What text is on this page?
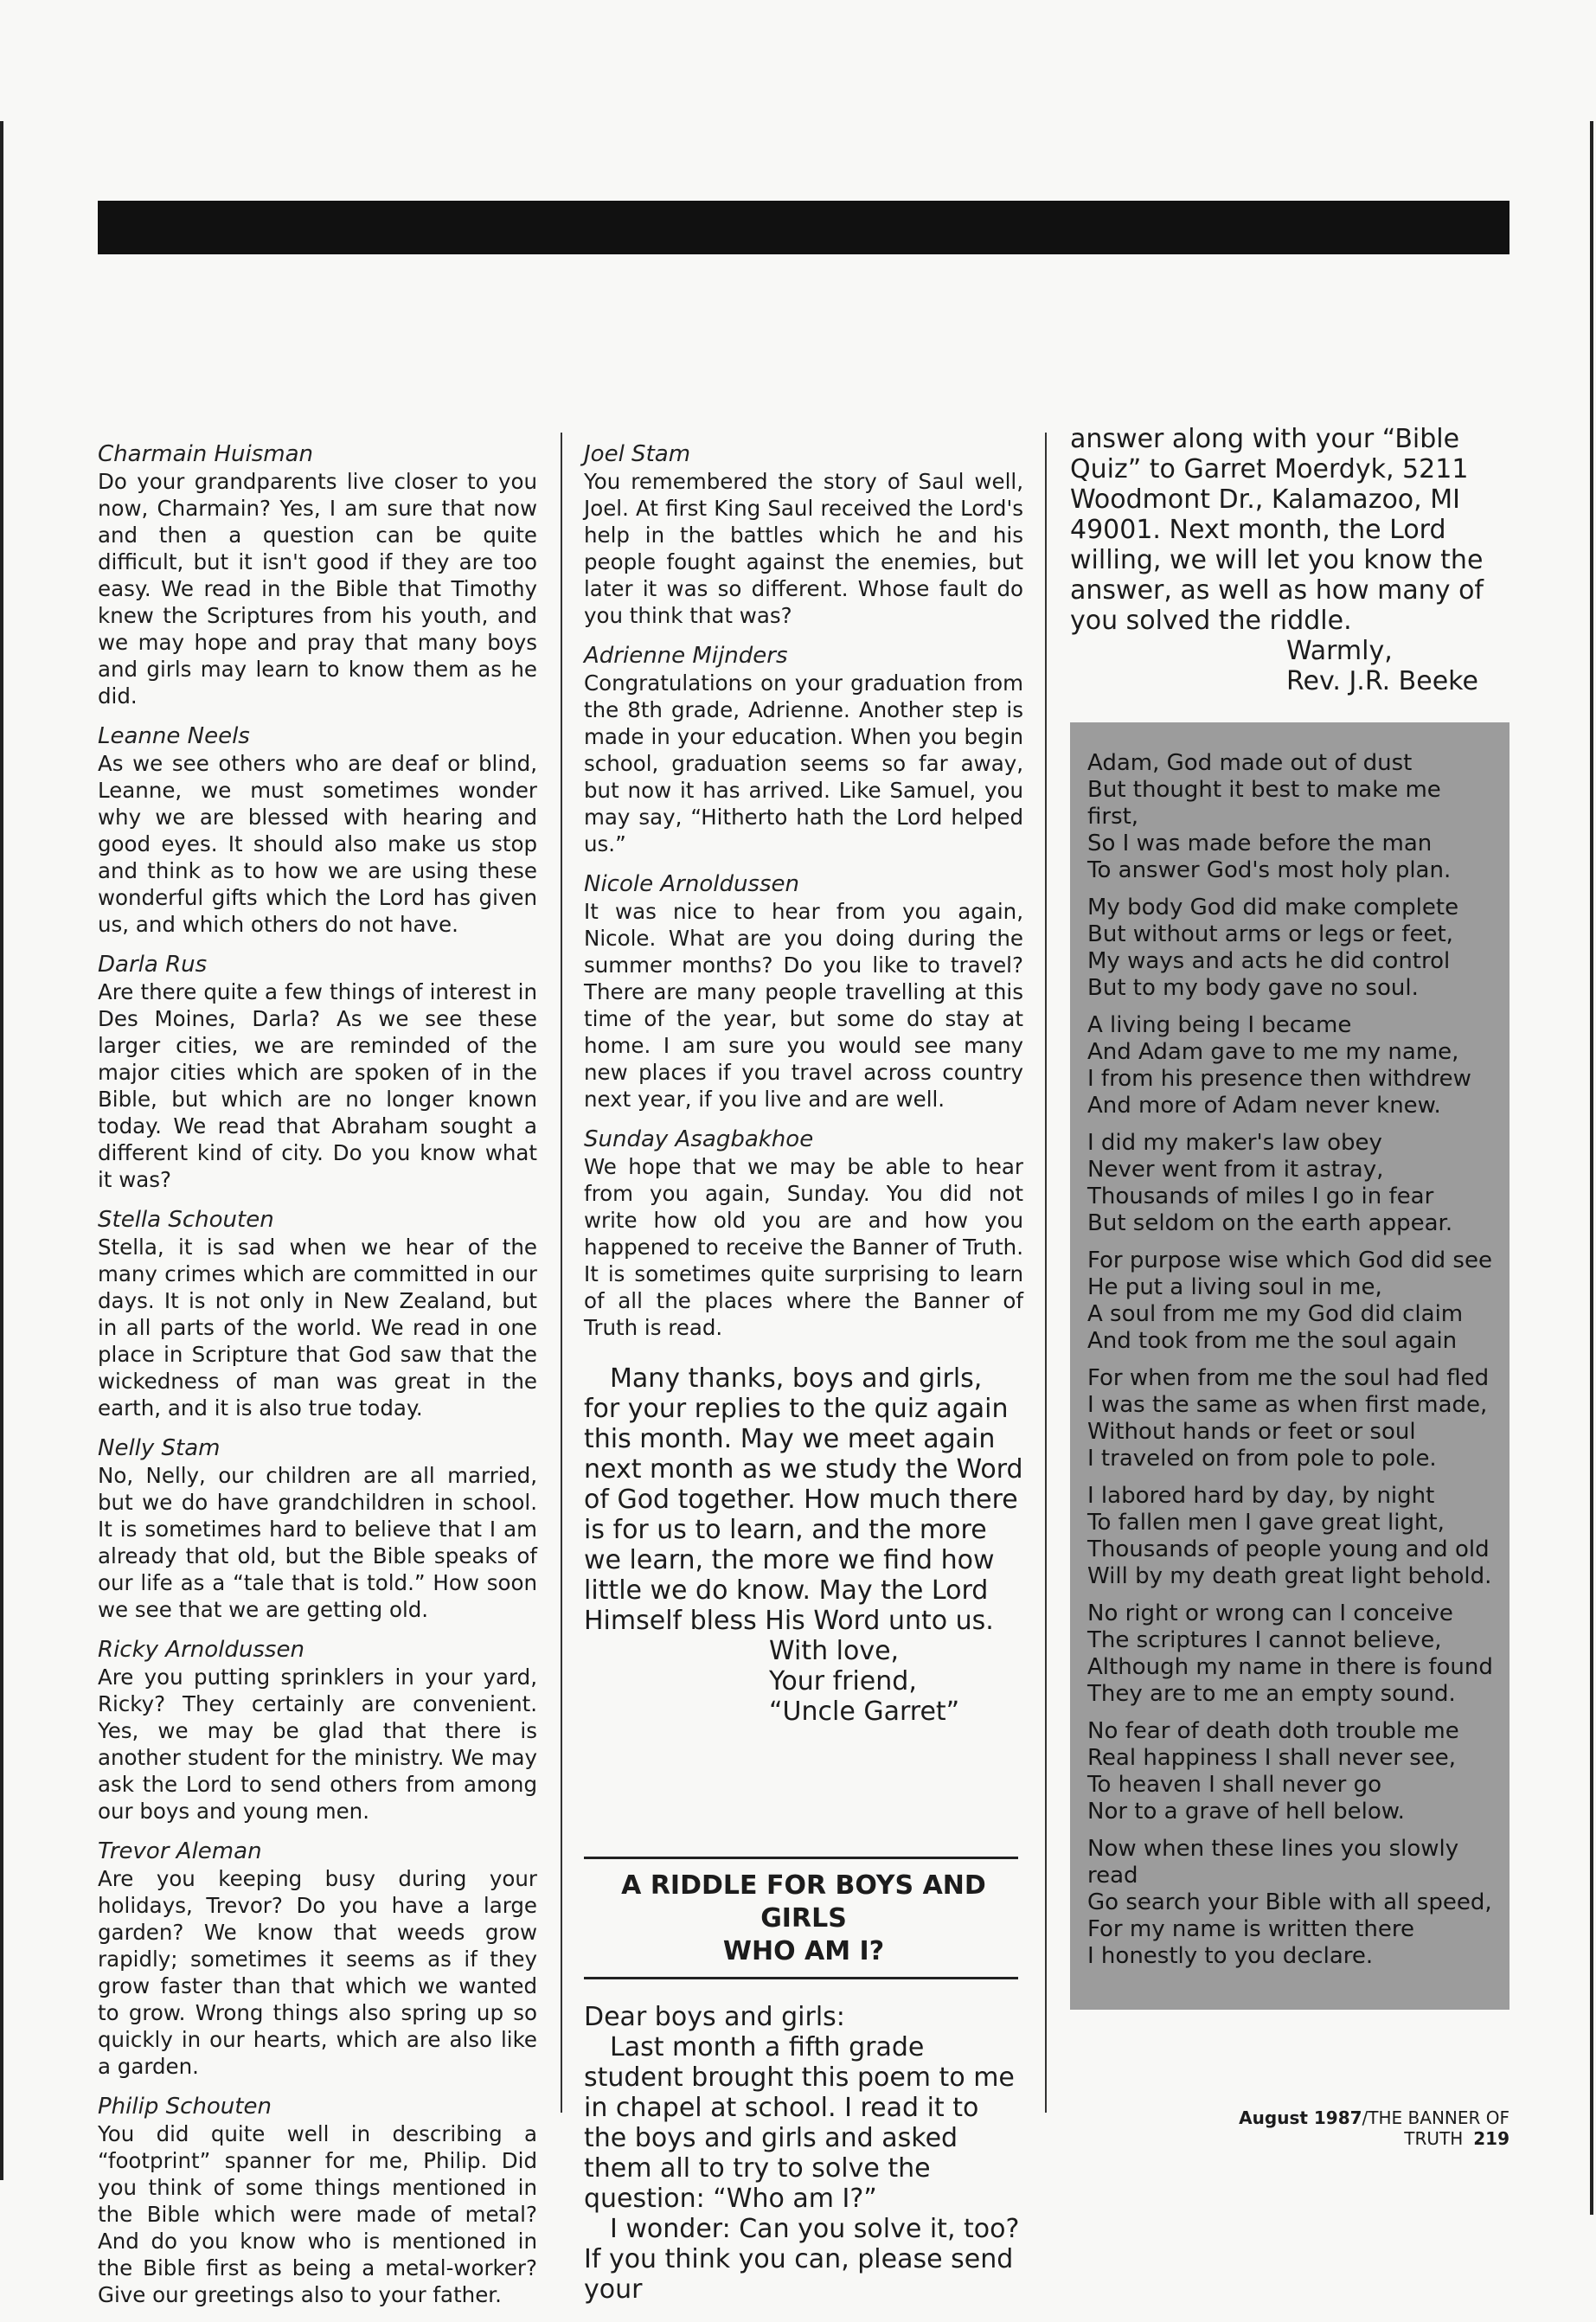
Charmain Huisman
Do your grandparents live closer to you now, Charmain? Yes, I am sure that now and then a question can be quite difficult, but it isn't good if they are too easy. We read in the Bible that Timothy knew the Scriptures from his youth, and we may hope and pray that many boys and girls may learn to know them as he did.
Leanne Neels
As we see others who are deaf or blind, Leanne, we must sometimes wonder why we are blessed with hearing and good eyes. It should also make us stop and think as to how we are using these wonderful gifts which the Lord has given us, and which others do not have.
Darla Rus
Are there quite a few things of interest in Des Moines, Darla? As we see these larger cities, we are reminded of the major cities which are spoken of in the Bible, but which are no longer known today. We read that Abraham sought a different kind of city. Do you know what it was?
Stella Schouten
Stella, it is sad when we hear of the many crimes which are committed in our days. It is not only in New Zealand, but in all parts of the world. We read in one place in Scripture that God saw that the wickedness of man was great in the earth, and it is also true today.
Nelly Stam
No, Nelly, our children are all married, but we do have grandchildren in school. It is sometimes hard to believe that I am already that old, but the Bible speaks of our life as a “tale that is told.” How soon we see that we are getting old.
Ricky Arnoldussen
Are you putting sprinklers in your yard, Ricky? They certainly are convenient. Yes, we may be glad that there is another student for the ministry. We may ask the Lord to send others from among our boys and young men.
Trevor Aleman
Are you keeping busy during your holidays, Trevor? Do you have a large garden? We know that weeds grow rapidly; sometimes it seems as if they grow faster than that which we wanted to grow. Wrong things also spring up so quickly in our hearts, which are also like a garden.
Philip Schouten
You did quite well in describing a “footprint” spanner for me, Philip. Did you think of some things mentioned in the Bible which were made of metal? And do you know who is mentioned in the Bible first as being a metal-worker? Give our greetings also to your father.
Joel Stam
You remembered the story of Saul well, Joel. At first King Saul received the Lord's help in the battles which he and his people fought against the enemies, but later it was so different. Whose fault do you think that was?
Adrienne Mijnders
Congratulations on your graduation from the 8th grade, Adrienne. Another step is made in your education. When you begin school, graduation seems so far away, but now it has arrived. Like Samuel, you may say, “Hitherto hath the Lord helped us.”
Nicole Arnoldussen
It was nice to hear from you again, Nicole. What are you doing during the summer months? Do you like to travel? There are many people travelling at this time of the year, but some do stay at home. I am sure you would see many new places if you travel across country next year, if you live and are well.
Sunday Asagbakhoe
We hope that we may be able to hear from you again, Sunday. You did not write how old you are and how you happened to receive the Banner of Truth. It is sometimes quite surprising to learn of all the places where the Banner of Truth is read.
Many thanks, boys and girls, for your replies to the quiz again this month. May we meet again next month as we study the Word of God together. How much there is for us to learn, and the more we learn, the more we find how little we do know. May the Lord Himself bless His Word unto us.
With love,
Your friend,
“Uncle Garret”
A RIDDLE FOR BOYS AND GIRLS
WHO AM I?

Dear boys and girls:

Last month a fifth grade student brought this poem to me in chapel at school. I read it to the boys and girls and asked them all to try to solve the question: “Who am I?”

I wonder: Can you solve it, too? If you think you can, please send your

answer along with your “Bible Quiz” to Garret Moerdyk, 5211 Woodmont Dr., Kalamazoo, MI 49001. Next month, the Lord willing, we will let you know the answer, as well as how many of you solved the riddle.
Warmly,
Rev. J.R. Beeke
Adam, God made out of dust
But thought it best to make me first,
So I was made before the man
To answer God's most holy plan.
My body God did make complete
But without arms or legs or feet,
My ways and acts he did control
But to my body gave no soul.
A living being I became
And Adam gave to me my name,
I from his presence then withdrew
And more of Adam never knew.
I did my maker's law obey
Never went from it astray,
Thousands of miles I go in fear
But seldom on the earth appear.
For purpose wise which God did see
He put a living soul in me,
A soul from me my God did claim
And took from me the soul again
For when from me the soul had fled
I was the same as when first made,
Without hands or feet or soul
I traveled on from pole to pole.
I labored hard by day, by night
To fallen men I gave great light,
Thousands of people young and old
Will by my death great light behold.
No right or wrong can I conceive
The scriptures I cannot believe,
Although my name in there is found
They are to me an empty sound.
No fear of death doth trouble me
Real happiness I shall never see,
To heaven I shall never go
Nor to a grave of hell below.
Now when these lines you slowly read
Go search your Bible with all speed,
For my name is written there
I honestly to you declare.
August 1987/THE BANNER OF TRUTH 219
